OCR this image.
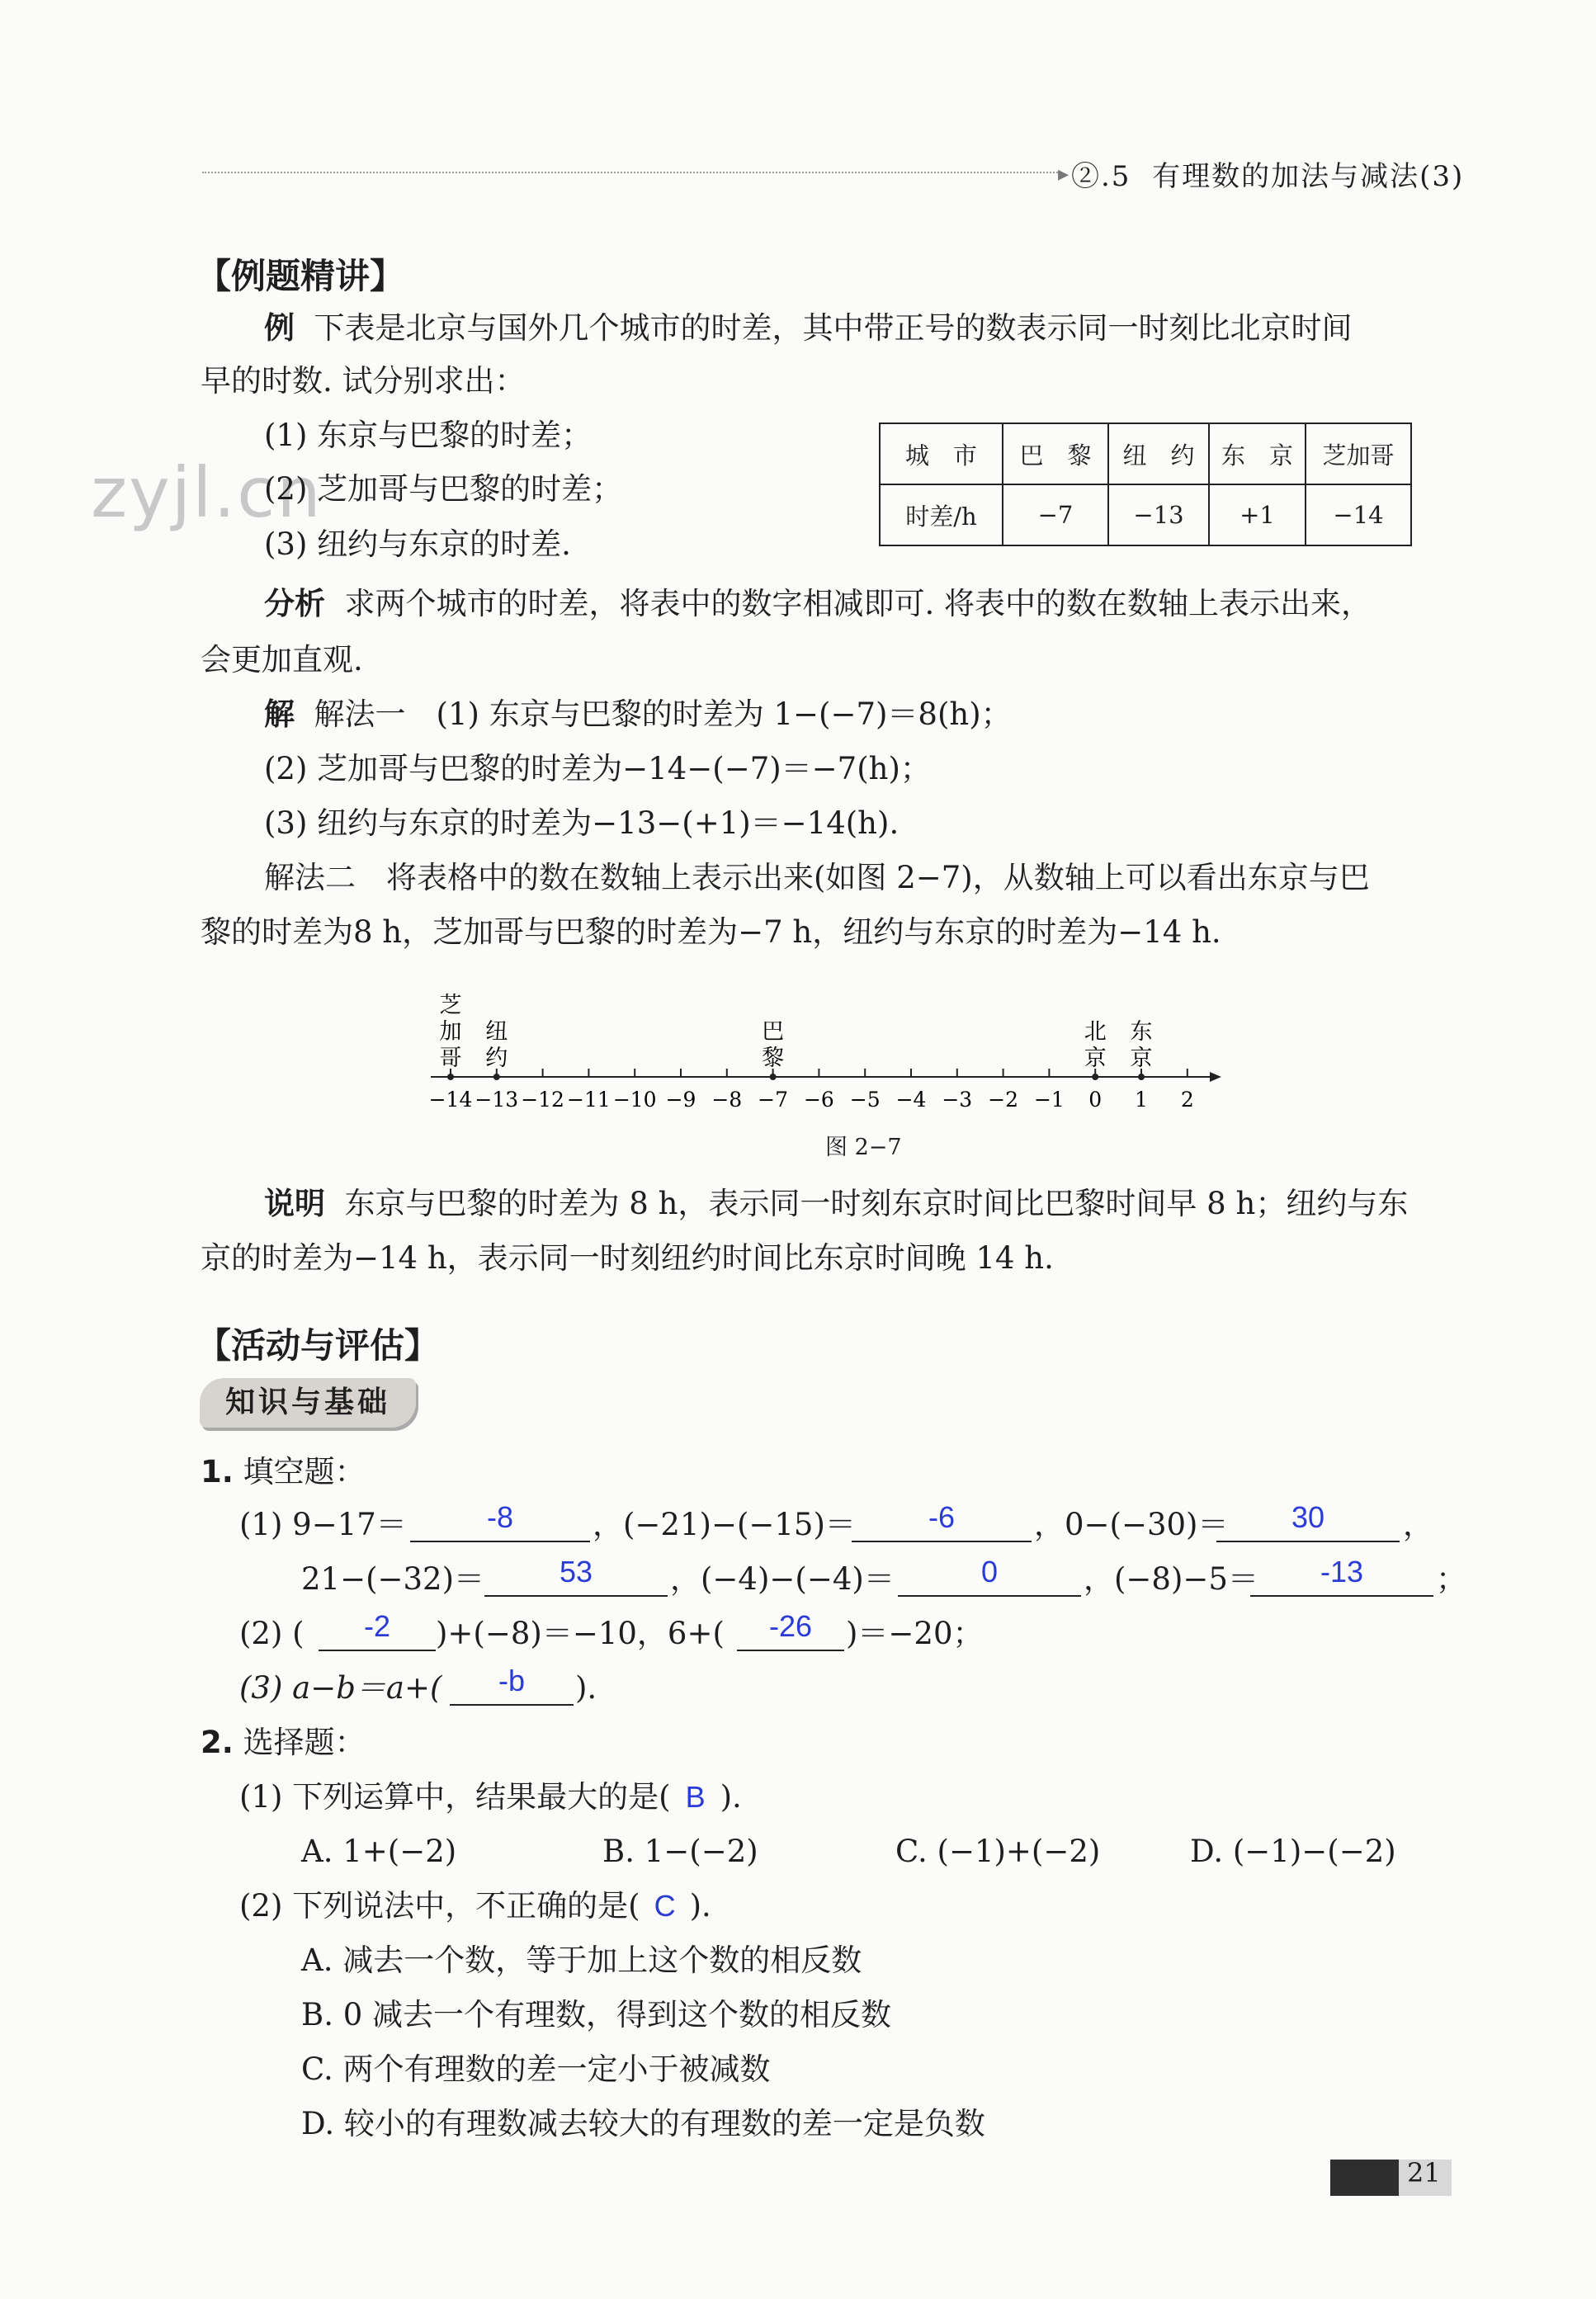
▸ ②.5 有理数的加法与减法(3)
zyjl.cn
【例题精讲】
例 下表是北京与国外几个城市的时差，其中带正号的数表示同一时刻比北京时间
早的时数. 试分别求出：
(1) 东京与巴黎的时差；
(2) 芝加哥与巴黎的时差；
(3) 纽约与东京的时差.
城　市	巴　黎	纽　约	东　京	芝加哥
时差/h	−7	−13	+1	−14
分析 求两个城市的时差，将表中的数字相减即可. 将表中的数在数轴上表示出来，
会更加直观.
解 解法一　(1) 东京与巴黎的时差为 1−(−7)＝8(h)；
(2) 芝加哥与巴黎的时差为−14−(−7)＝−7(h)；
(3) 纽约与东京的时差为−13−(+1)＝−14(h).
解法二　将表格中的数在数轴上表示出来(如图 2−7)，从数轴上可以看出东京与巴
黎的时差为8 h，芝加哥与巴黎的时差为−7 h，纽约与东京的时差为−14 h.
−14 −13 −12 −11 −10 −9 −8 −7 −6 −5 −4 −3 −2 −1 0 1 2
芝加哥
纽约
巴黎
北京
东京
图 2−7
说明 东京与巴黎的时差为 8 h，表示同一时刻东京时间比巴黎时间早 8 h；纽约与东
京的时差为−14 h，表示同一时刻纽约时间比东京时间晚 14 h.
【活动与评估】
知识与基础
1. 填空题：
(1) 9−17＝	-8	，(−21)−(−15)＝	-6	，0−(−30)＝	30	，
21−(−32)＝	53	，(−4)−(−4)＝	0	，(−8)−5＝	-13	；
(2) (	-2	)+(−8)＝−10，6+(	-26	)＝−20；
(3) a−b＝a+(	-b	).
2. 选择题：
(1) 下列运算中，结果最大的是( B ).
A. 1+(−2)	B. 1−(−2)	C. (−1)+(−2)	D. (−1)−(−2)
(2) 下列说法中，不正确的是( C ).
A. 减去一个数，等于加上这个数的相反数
B. 0 减去一个有理数，得到这个数的相反数
C. 两个有理数的差一定小于被减数
D. 较小的有理数减去较大的有理数的差一定是负数
21
